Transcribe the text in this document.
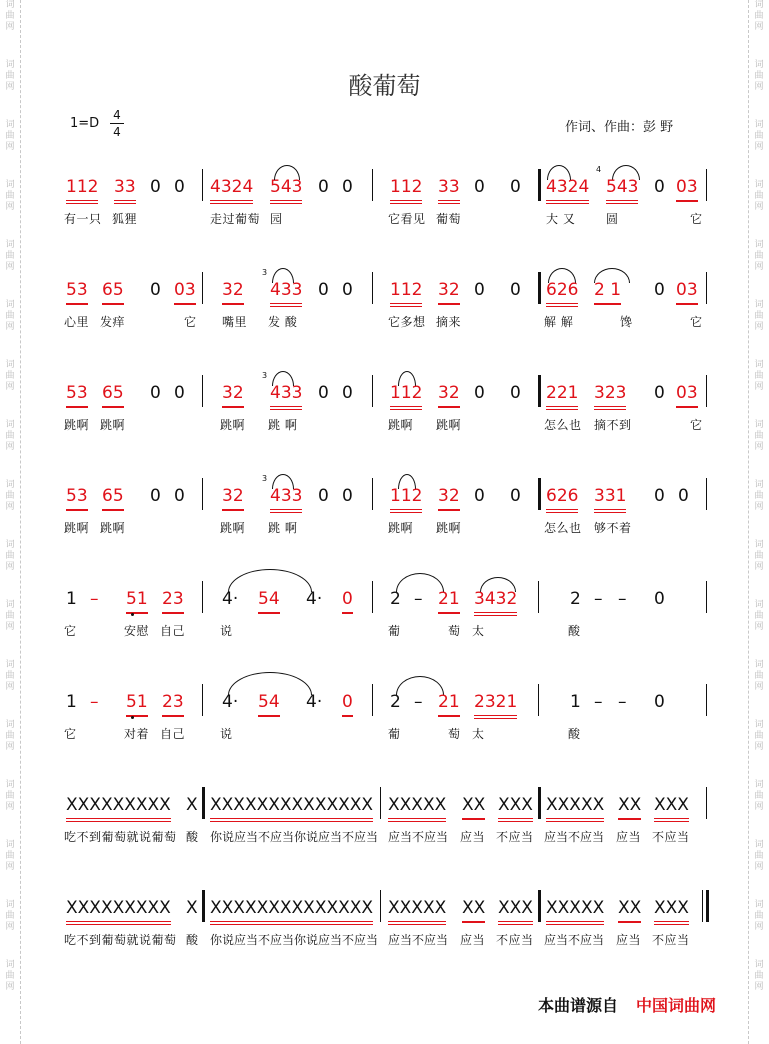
词
曲
网
词
曲
网
词
曲
网
词
曲
网
词
曲
网
词
曲
网
词
曲
网
词
曲
网
词
曲
网
词
曲
网
词
曲
网
词
曲
网
词
曲
网
词
曲
网
词
曲
网
词
曲
网
词
曲
网
词
曲
网
词
曲
网
词
曲
网
词
曲
网
词
曲
网
词
曲
网
词
曲
网
词
曲
网
词
曲
网
词
曲
网
词
曲
网
词
曲
网
词
曲
网
词
曲
网
词
曲
网
词
曲
网
词
曲
网
酸葡萄
1=D
4
4	作词、作曲：彭 野
112 33 0 0 4324 543 0 0 112 33 0 0 4324
4
543 0 03
有一只 狐狸	走过葡萄 园	它看见 葡萄	大 又	圆	它
53 65 0 03 32
3
433 0 0 112 32 0 0 626 2 1 0 03
心里 发痒	它 嘴里 发 酸	它多想 摘来	解 解	馋	它
53 65 0 0 32
3
433 0 0 112 32 0 0 221 323 0 03
跳啊 跳啊	跳啊 跳 啊	跳啊 跳啊	怎么也 摘不到	它
53 65 0 0 32
3
433 0 0 112 32 0 0 626 331 0 0
跳啊 跳啊	跳啊 跳 啊	跳啊 跳啊	怎么也 够不着
1 – 51 23 4· 54 4· 0 2 – 21 3432	2 – – 0
它	安慰 自己	说	葡	萄 太	酸
1 – 51 23 4· 54 4· 0 2 – 21 2321	1 – – 0
它	对着 自己	说	葡	萄 太	酸
XXXXXXXXX X XXXXXXXXXXXXXX XXXXX XX XXX XXXXX XX XXX
吃不到葡萄就说葡萄 酸 你说应当不应当你说应当不应当 应当不应当 应当 不应当 应当不应当 应当 不应当
XXXXXXXXX X XXXXXXXXXXXXXX XXXXX XX XXX XXXXX XX XXX
吃不到葡萄就说葡萄 酸 你说应当不应当你说应当不应当 应当不应当 应当 不应当 应当不应当 应当 不应当
本曲谱源自 中国词曲网
